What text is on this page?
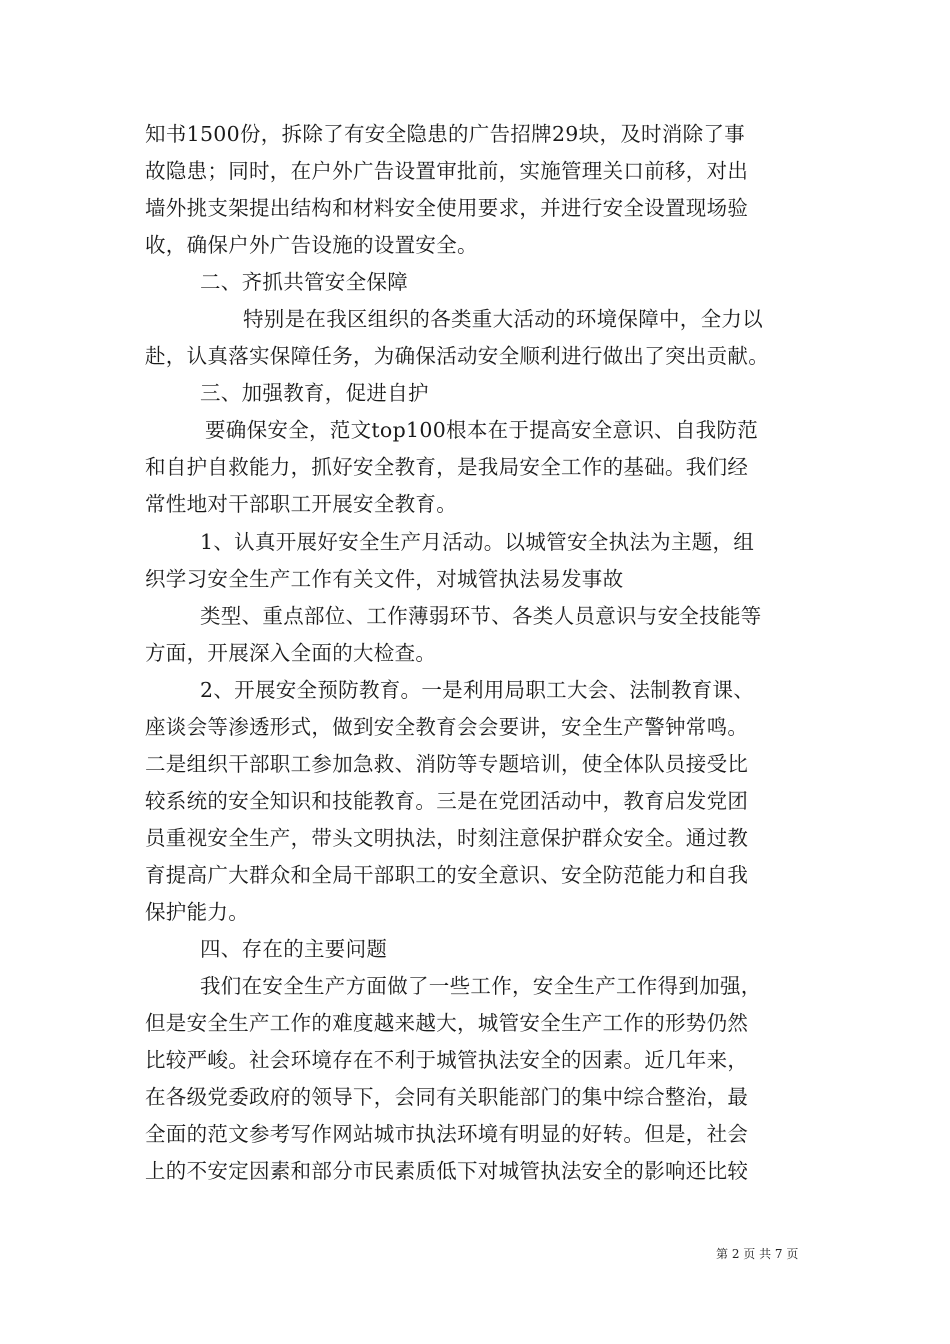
知书1500份，拆除了有安全隐患的广告招牌29块，及时消除了事
故隐患；同时，在户外广告设置审批前，实施管理关口前移，对出
墙外挑支架提出结构和材料安全使用要求，并进行安全设置现场验
收，确保户外广告设施的设置安全。
二、齐抓共管安全保障
特别是在我区组织的各类重大活动的环境保障中，全力以
赴，认真落实保障任务，为确保活动安全顺利进行做出了突出贡献。
三、加强教育，促进自护
要确保安全，范文top100根本在于提高安全意识、自我防范
和自护自救能力，抓好安全教育，是我局安全工作的基础。我们经
常性地对干部职工开展安全教育。
1、认真开展好安全生产月活动。以城管安全执法为主题，组
织学习安全生产工作有关文件，对城管执法易发事故
类型、重点部位、工作薄弱环节、各类人员意识与安全技能等
方面，开展深入全面的大检查。
2、开展安全预防教育。一是利用局职工大会、法制教育课、
座谈会等渗透形式，做到安全教育会会要讲，安全生产警钟常鸣。
二是组织干部职工参加急救、消防等专题培训，使全体队员接受比
较系统的安全知识和技能教育。三是在党团活动中，教育启发党团
员重视安全生产，带头文明执法，时刻注意保护群众安全。通过教
育提高广大群众和全局干部职工的安全意识、安全防范能力和自我
保护能力。
四、存在的主要问题
我们在安全生产方面做了一些工作，安全生产工作得到加强，
但是安全生产工作的难度越来越大，城管安全生产工作的形势仍然
比较严峻。社会环境存在不利于城管执法安全的因素。近几年来，
在各级党委政府的领导下，会同有关职能部门的集中综合整治，最
全面的范文参考写作网站城市执法环境有明显的好转。但是，社会
上的不安定因素和部分市民素质低下对城管执法安全的影响还比较
第 2 页 共 7 页
